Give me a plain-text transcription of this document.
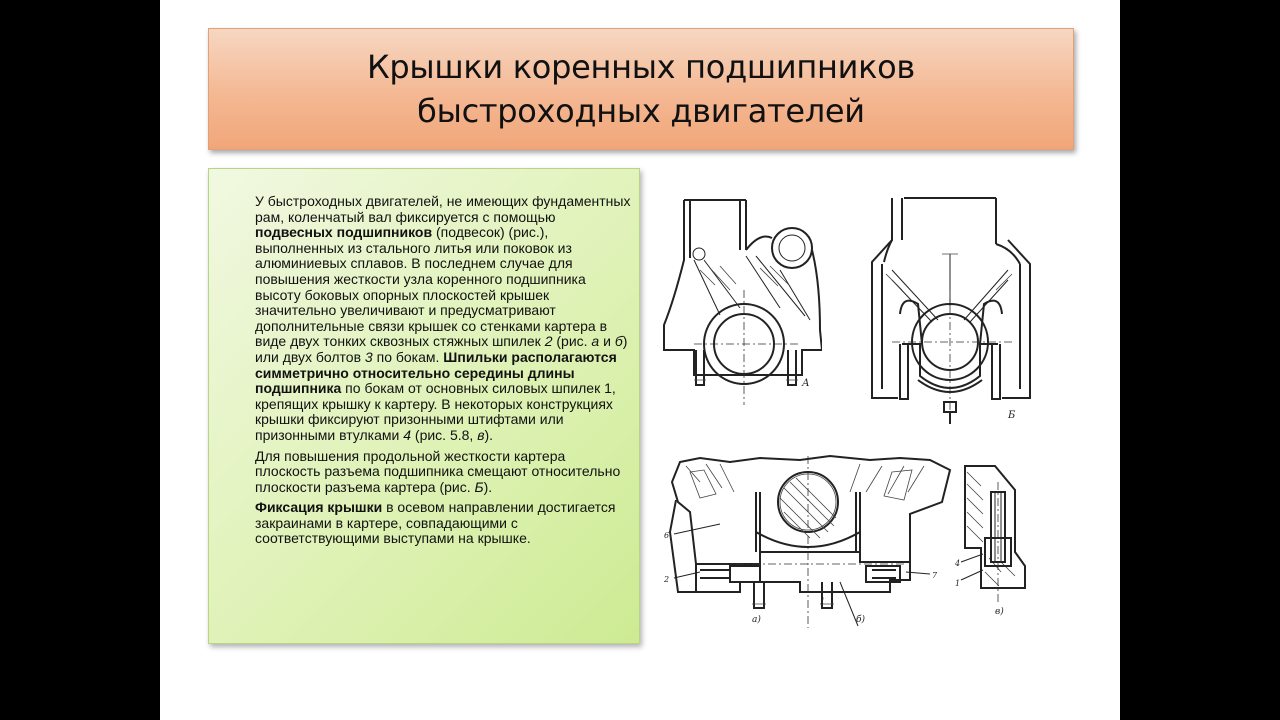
Крышки коренных подшипников
быстроходных двигателей

У быстроходных двигателей, не имеющих фундаментных рам, коленчатый вал фиксируется с помощью подвесных подшипников (подвесок) (рис.), выполненных из стального литья или поковок из алюминиевых сплавов. В последнем случае для повышения жесткости узла коренного подшипника высоту боковых опорных плоскостей крышек значительно увеличивают и предусматривают дополнительные связи крышек со стенками картера в виде двух тонких сквозных стяжных шпилек 2 (рис. а и б) или двух болтов 3 по бокам. Шпильки располагаются симметрично относительно середины длины подшипника по бокам от основных силовых шпилек 1, крепящих крышку к картеру. В некоторых конструкциях крышки фиксируют призонными штифтами или призонными втулками 4 (рис. 5.8, в).

Для повышения продольной жесткости картера плоскость разъема подшипника смещают относительно плоскости разъема картера (рис. Б).

Фиксация крышки в осевом направлении достигается закраинами в картере, совпадающими с соответствующими выступами на крышке.

А
Б
6
2
1
7
а)	б)
4
1
в)
